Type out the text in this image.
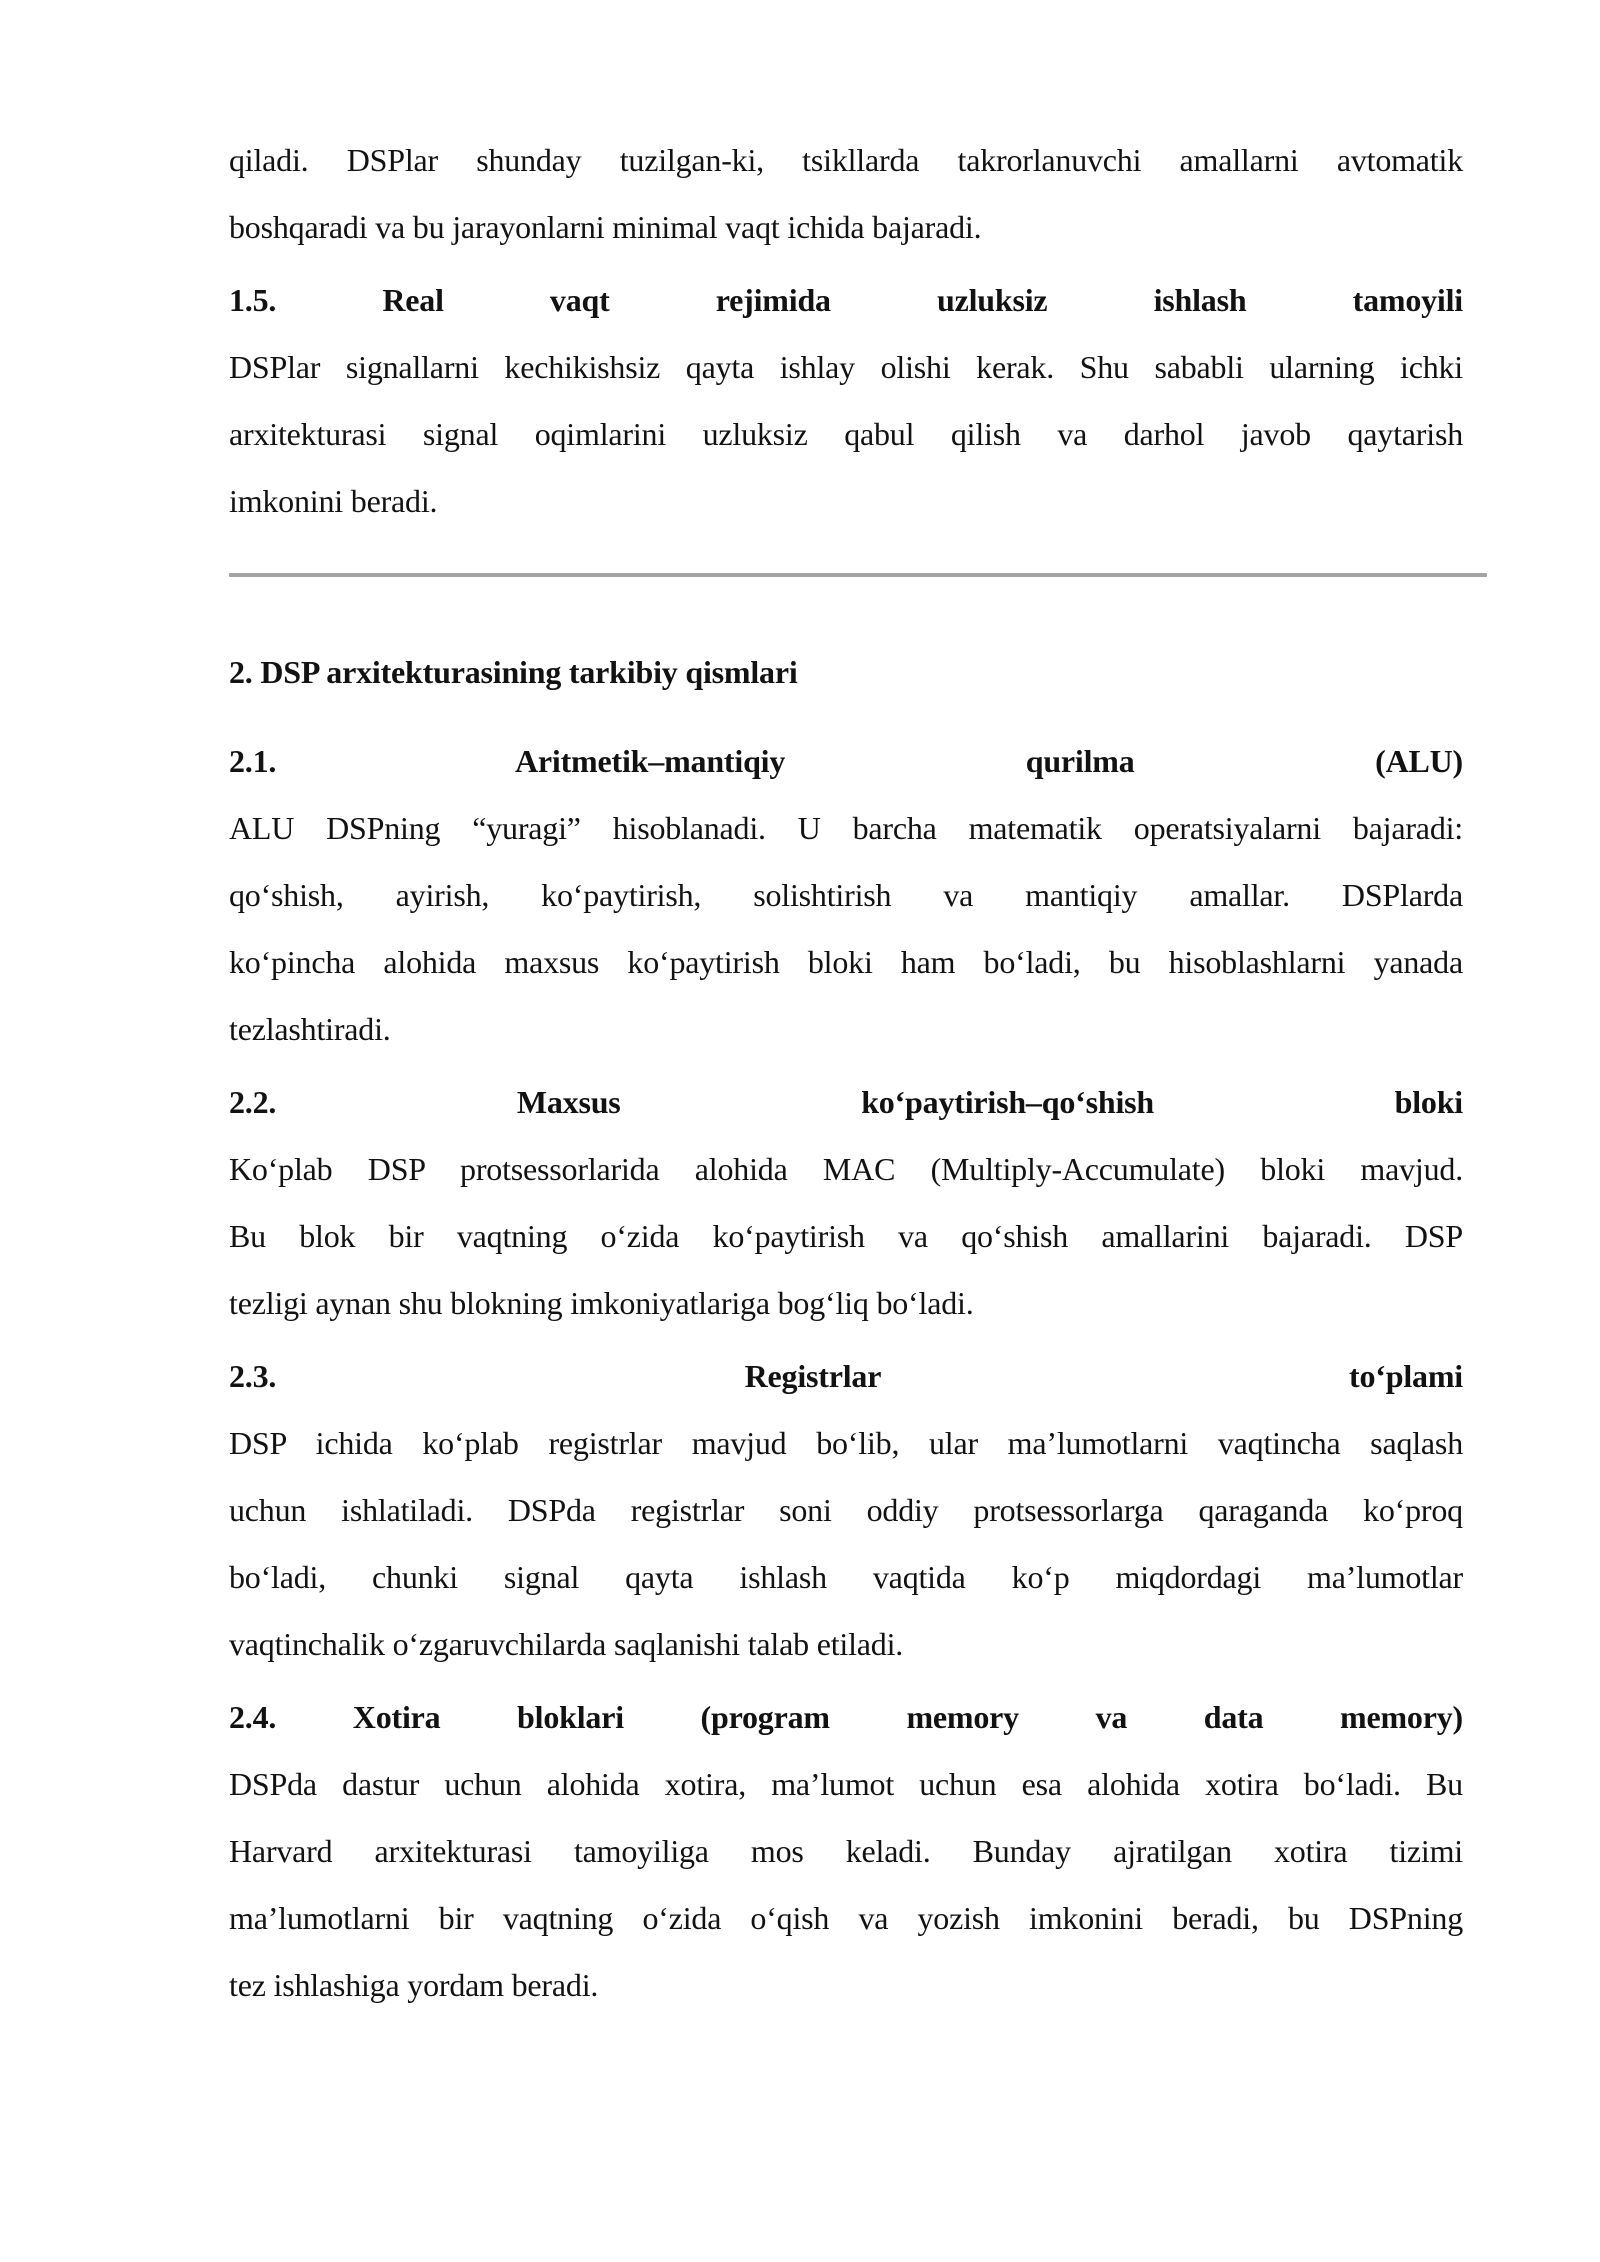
qiladi. DSPlar shunday tuzilgan-ki, tsikllarda takrorlanuvchi amallarni avtomatik
boshqaradi va bu jarayonlarni minimal vaqt ichida bajaradi.
1.5. Real vaqt rejimida uzluksiz ishlash tamoyili
DSPlar signallarni kechikishsiz qayta ishlay olishi kerak. Shu sababli ularning ichki
arxitekturasi signal oqimlarini uzluksiz qabul qilish va darhol javob qaytarish
imkonini beradi.
2. DSP arxitekturasining tarkibiy qismlari
2.1. Aritmetik–mantiqiy qurilma (ALU)
ALU DSPning “yuragi” hisoblanadi. U barcha matematik operatsiyalarni bajaradi:
qo‘shish, ayirish, ko‘paytirish, solishtirish va mantiqiy amallar. DSPlarda
ko‘pincha alohida maxsus ko‘paytirish bloki ham bo‘ladi, bu hisoblashlarni yanada
tezlashtiradi.
2.2. Maxsus ko‘paytirish–qo‘shish bloki
Ko‘plab DSP protsessorlarida alohida MAC (Multiply-Accumulate) bloki mavjud.
Bu blok bir vaqtning o‘zida ko‘paytirish va qo‘shish amallarini bajaradi. DSP
tezligi aynan shu blokning imkoniyatlariga bog‘liq bo‘ladi.
2.3. Registrlar to‘plami
DSP ichida ko‘plab registrlar mavjud bo‘lib, ular ma’lumotlarni vaqtincha saqlash
uchun ishlatiladi. DSPda registrlar soni oddiy protsessorlarga qaraganda ko‘proq
bo‘ladi, chunki signal qayta ishlash vaqtida ko‘p miqdordagi ma’lumotlar
vaqtinchalik o‘zgaruvchilarda saqlanishi talab etiladi.
2.4. Xotira bloklari (program memory va data memory)
DSPda dastur uchun alohida xotira, ma’lumot uchun esa alohida xotira bo‘ladi. Bu
Harvard arxitekturasi tamoyiliga mos keladi. Bunday ajratilgan xotira tizimi
ma’lumotlarni bir vaqtning o‘zida o‘qish va yozish imkonini beradi, bu DSPning
tez ishlashiga yordam beradi.
